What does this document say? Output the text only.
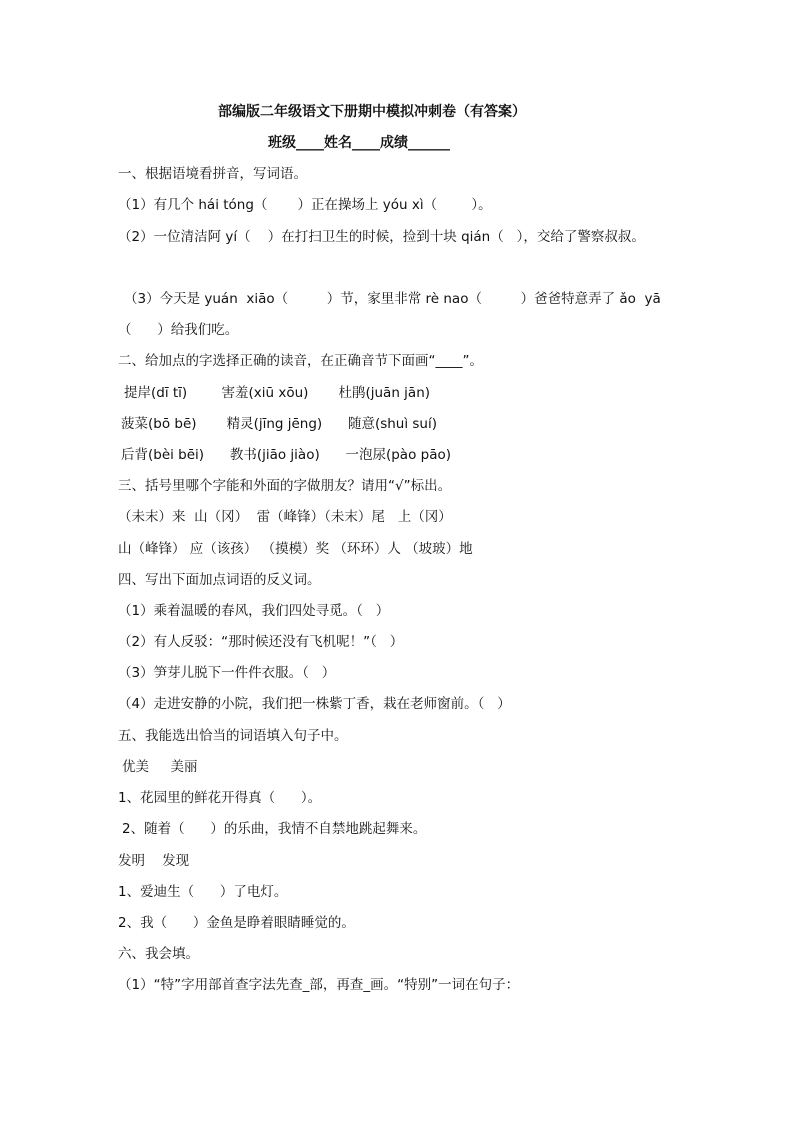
部编版二年级语文下册期中模拟冲刺卷（有答案）
班级____姓名____成绩______
一、根据语境看拼音，写词语。
（1）有几个 hái tóng（       ）正在操场上 yóu xì（        ）。
（2）一位清洁阿 yí（    ）在打扫卫生的时候，捡到十块 qián（   ），交给了警察叔叔。
（3）今天是 yuán  xiāo（         ）节，家里非常 rè nao（         ）爸爸特意弄了 ǎo  yā
（      ）给我们吃。
二、给加点的字选择正确的读音，在正确音节下面画“____”。
提岸(dī tī)        害羞(xiū xōu)       杜鹃(juān jān)
菠菜(bō bē)       精灵(jīng jēng)      随意(shuì suí)
后背(bèi bēi)      教书(jiāo jiào)      一泡尿(pào pāo)
三、括号里哪个字能和外面的字做朋友？请用“√”标出。
（未末）来  山（冈）  雷（峰锋）（未末）尾   上（冈）
山（峰锋） 应（该孩） （摸模）奖 （环环）人 （坡玻）地
四、写出下面加点词语的反义词。
（1）乘着温暖的春风，我们四处寻觅。（   ）
（2）有人反驳：“那时候还没有飞机呢！”（   ）
（3）笋芽儿脱下一件件衣服。（   ）
（4）走进安静的小院，我们把一株紫丁香，栽在老师窗前。（   ）
五、我能选出恰当的词语填入句子中。
优美     美丽
1、花园里的鲜花开得真（      ）。
2、随着（      ）的乐曲，我情不自禁地跳起舞来。
发明    发现
1、爱迪生（      ）了电灯。
2、我（      ）金鱼是睁着眼睛睡觉的。
六、我会填。
（1）“特”字用部首查字法先查_部，再查_画。“特别”一词在句子：
